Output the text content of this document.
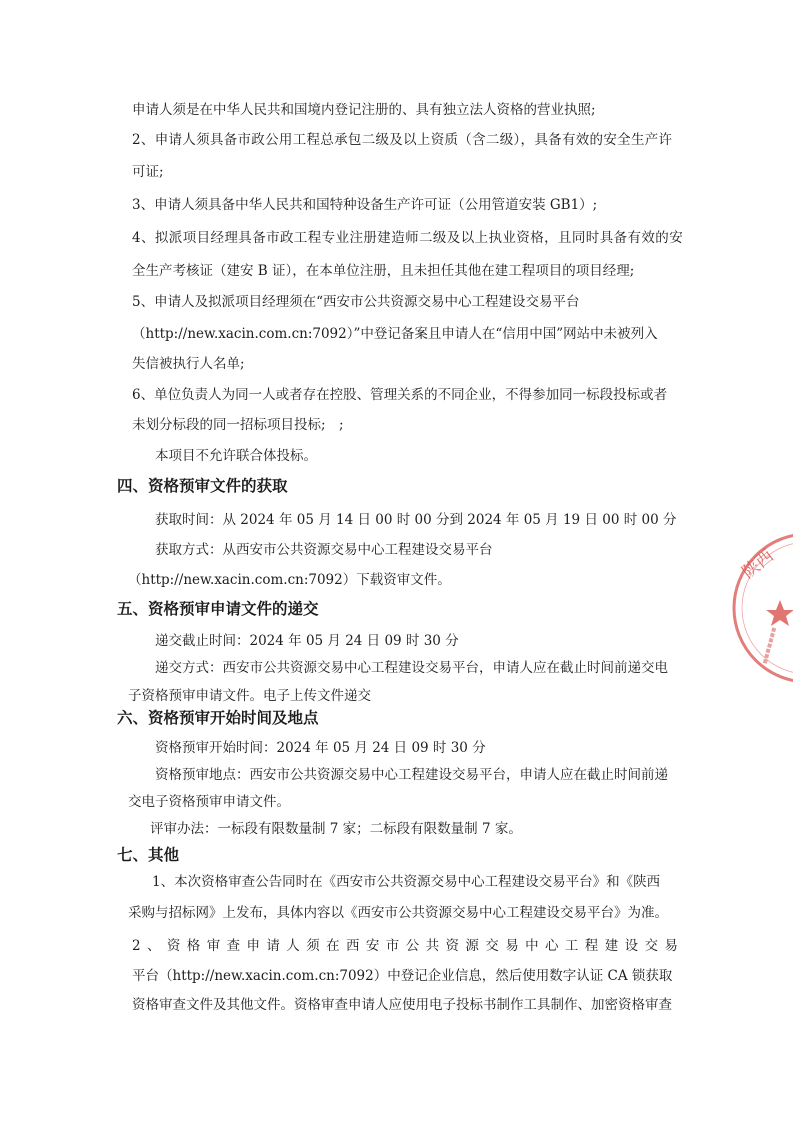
申请人须是在中华人民共和国境内登记注册的、具有独立法人资格的营业执照;
2、申请人须具备市政公用工程总承包二级及以上资质（含二级），具备有效的安全生产许
可证;
3、申请人须具备中华人民共和国特种设备生产许可证（公用管道安装 GB1）;
4、拟派项目经理具备市政工程专业注册建造师二级及以上执业资格，且同时具备有效的安
全生产考核证（建安 B 证），在本单位注册，且未担任其他在建工程项目的项目经理;
5、申请人及拟派项目经理须在“西安市公共资源交易中心工程建设交易平台
（http://new.xacin.com.cn:7092）”中登记备案且申请人在“信用中国”网站中未被列入
失信被执行人名单;
6、单位负责人为同一人或者存在控股、管理关系的不同企业，不得参加同一标段投标或者
未划分标段的同一招标项目投标;　;
本项目不允许联合体投标。
四、资格预审文件的获取
获取时间：从 2024 年 05 月 14 日 00 时 00 分到 2024 年 05 月 19 日 00 时 00 分
获取方式：从西安市公共资源交易中心工程建设交易平台
（http://new.xacin.com.cn:7092）下载资审文件。
五、资格预审申请文件的递交
递交截止时间：2024 年 05 月 24 日 09 时 30 分
递交方式：西安市公共资源交易中心工程建设交易平台，申请人应在截止时间前递交电
子资格预审申请文件。电子上传文件递交
六、资格预审开始时间及地点
资格预审开始时间：2024 年 05 月 24 日 09 时 30 分
资格预审地点：西安市公共资源交易中心工程建设交易平台，申请人应在截止时间前递
交电子资格预审申请文件。
评审办法：一标段有限数量制 7 家；二标段有限数量制 7 家。
七、其他
1、本次资格审查公告同时在《西安市公共资源交易中心工程建设交易平台》和《陕西
采购与招标网》上发布，具体内容以《西安市公共资源交易中心工程建设交易平台》为准。
2、资格审查申请人须在西安市公共资源交易中心工程建设交易
平台（http://new.xacin.com.cn:7092）中登记企业信息，然后使用数字认证 CA 锁获取
资格审查文件及其他文件。资格审查申请人应使用电子投标书制作工具制作、加密资格审查
陕西
▪▪▪▪▪▪▪
